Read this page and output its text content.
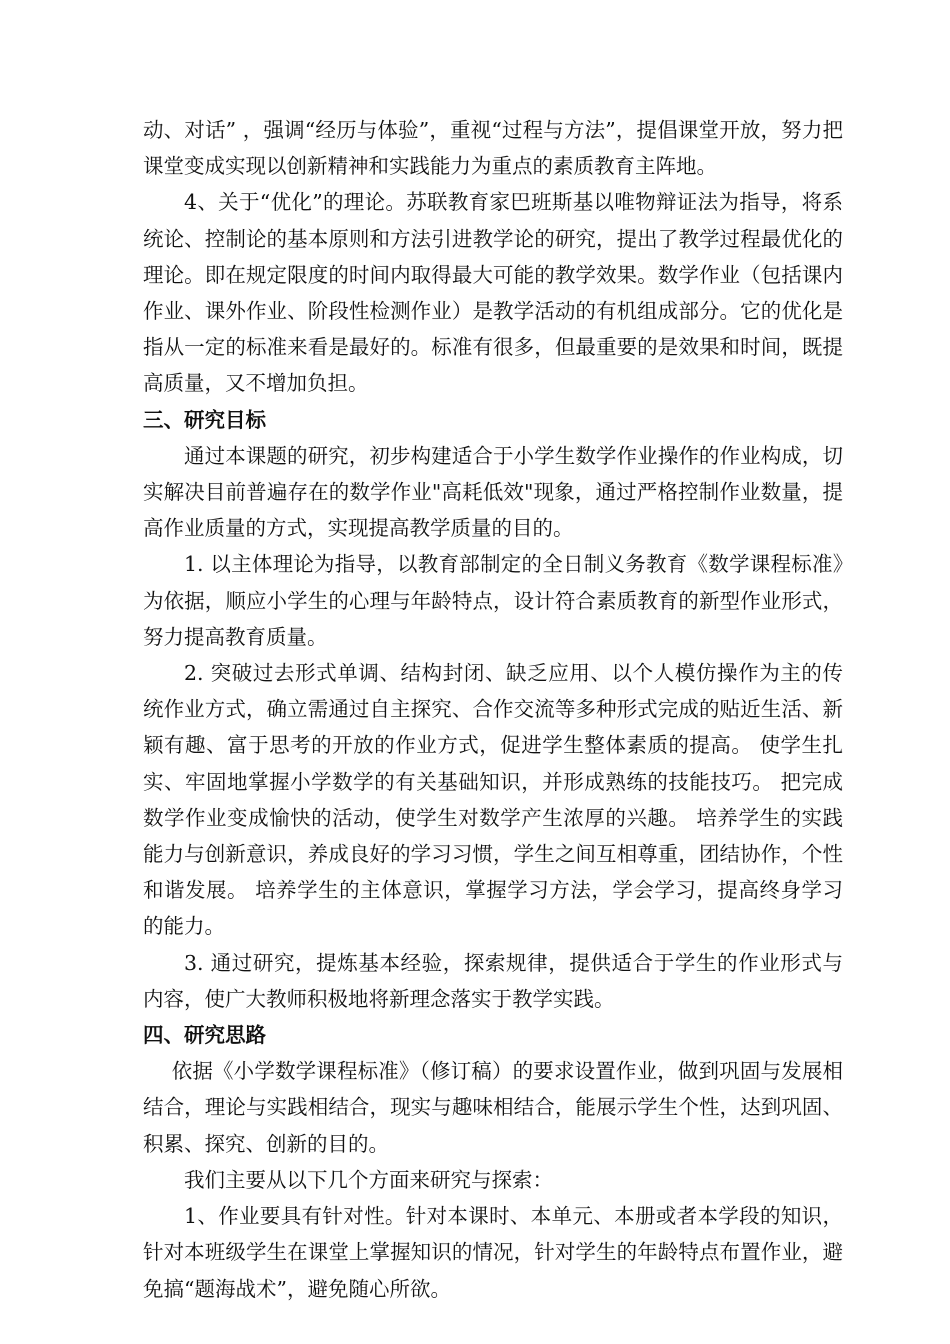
动、对话” ，强调“经历与体验”，重视“过程与方法”，提倡课堂开放，努力把课堂变成实现以创新精神和实践能力为重点的素质教育主阵地。

4、关于“优化”的理论。苏联教育家巴班斯基以唯物辩证法为指导，将系统论、控制论的基本原则和方法引进教学论的研究，提出了教学过程最优化的理论。即在规定限度的时间内取得最大可能的教学效果。数学作业（包括课内作业、课外作业、阶段性检测作业）是教学活动的有机组成部分。它的优化是指从一定的标准来看是最好的。标准有很多，但最重要的是效果和时间，既提高质量，又不增加负担。

三、研究目标

通过本课题的研究，初步构建适合于小学生数学作业操作的作业构成，切实解决目前普遍存在的数学作业"高耗低效"现象，通过严格控制作业数量，提高作业质量的方式，实现提高教学质量的目的。

1. 以主体理论为指导，以教育部制定的全日制义务教育《数学课程标准》为依据，顺应小学生的心理与年龄特点，设计符合素质教育的新型作业形式，努力提高教育质量。

2. 突破过去形式单调、结构封闭、缺乏应用、以个人模仿操作为主的传统作业方式，确立需通过自主探究、合作交流等多种形式完成的贴近生活、新颖有趣、富于思考的开放的作业方式，促进学生整体素质的提高。 使学生扎实、牢固地掌握小学数学的有关基础知识，并形成熟练的技能技巧。 把完成数学作业变成愉快的活动，使学生对数学产生浓厚的兴趣。 培养学生的实践能力与创新意识，养成良好的学习习惯，学生之间互相尊重，团结协作，个性和谐发展。 培养学生的主体意识，掌握学习方法，学会学习，提高终身学习的能力。

3. 通过研究，提炼基本经验，探索规律，提供适合于学生的作业形式与内容，使广大教师积极地将新理念落实于教学实践。

四、研究思路

依据《小学数学课程标准》（修订稿）的要求设置作业，做到巩固与发展相结合，理论与实践相结合，现实与趣味相结合，能展示学生个性，达到巩固、积累、探究、创新的目的。

我们主要从以下几个方面来研究与探索：

1、作业要具有针对性。针对本课时、本单元、本册或者本学段的知识，针对本班级学生在课堂上掌握知识的情况，针对学生的年龄特点布置作业，避免搞“题海战术”，避免随心所欲。
